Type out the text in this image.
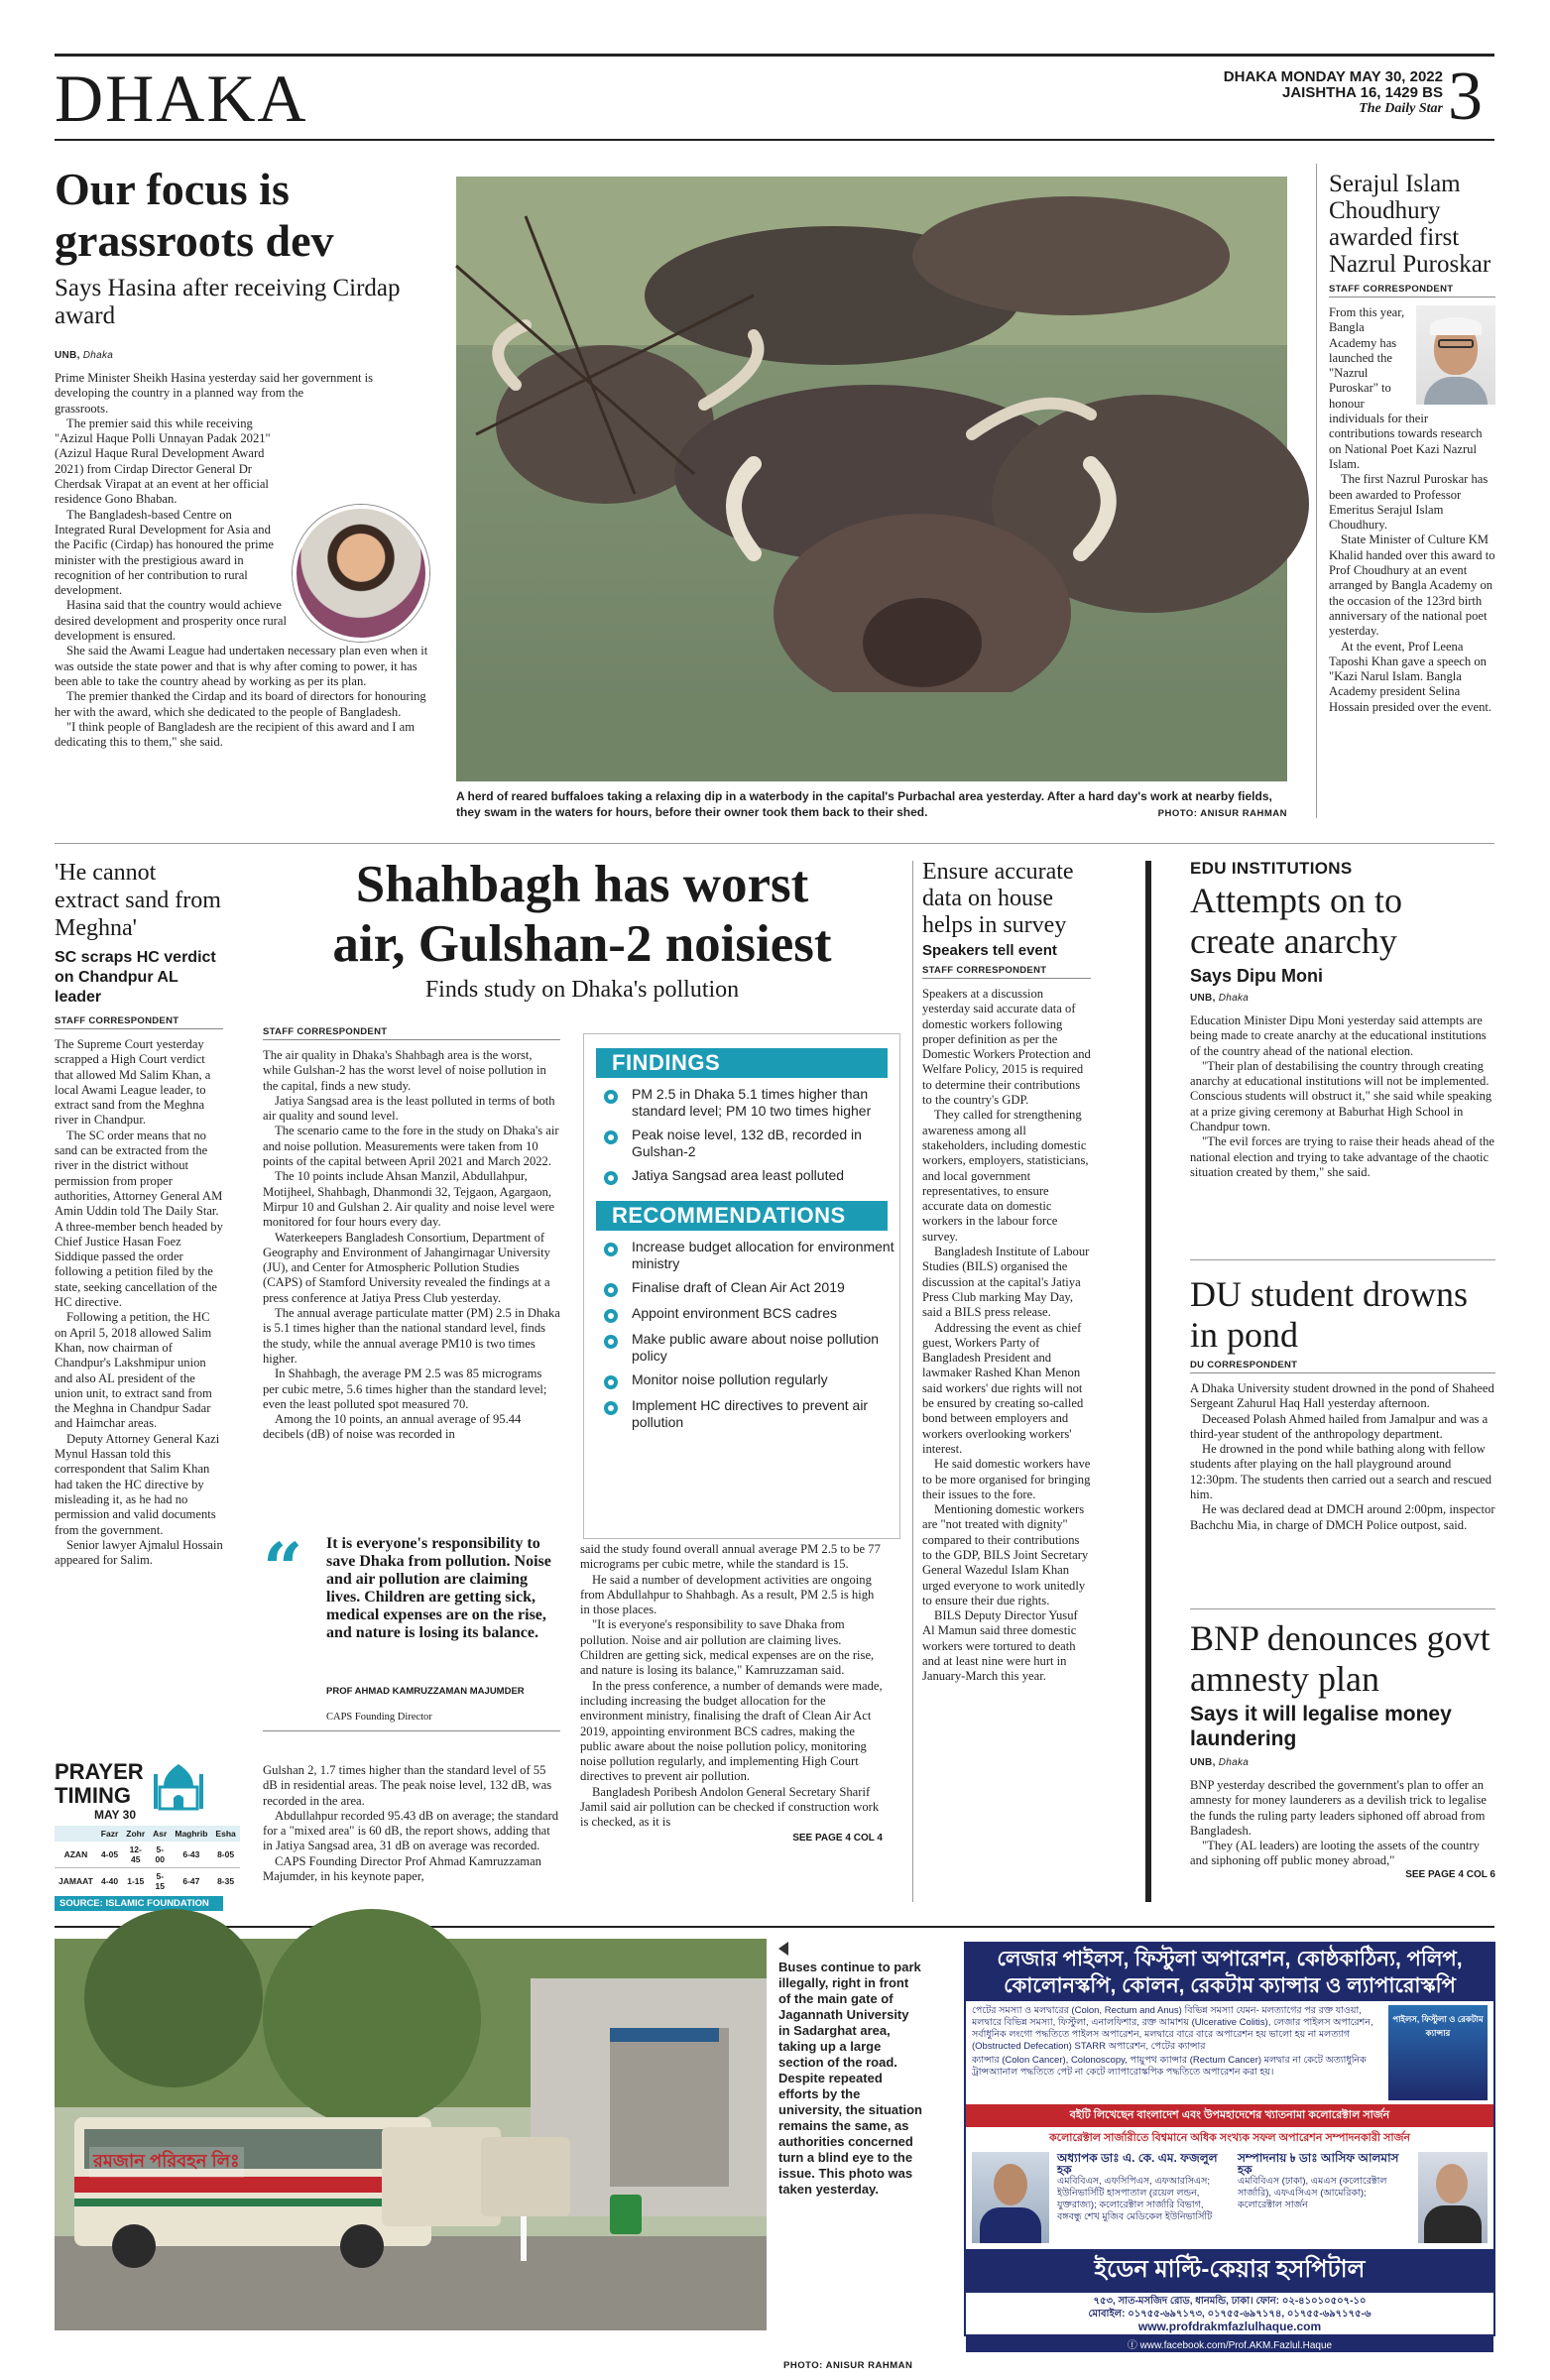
DHAKA	DHAKA MONDAY MAY 30, 2022
JAISHTHA 16, 1429 BS
The Daily Star 3
Our focus is grassroots dev
Says Hasina after receiving Cirdap award
UNB, Dhaka

Prime Minister Sheikh Hasina yesterday said her government is developing the country in a planned way from the grassroots.

The premier said this while receiving "Azizul Haque Polli Unnayan Padak 2021" (Azizul Haque Rural Development Award 2021) from Cirdap Director General Dr Cherdsak Virapat at an event at her official residence Gono Bhaban.

The Bangladesh-based Centre on Integrated Rural Development for Asia and the Pacific (Cirdap) has honoured the prime minister with the prestigious award in recognition of her contribution to rural development.

Hasina said that the country would achieve desired development and prosperity once rural development is ensured.

She said the Awami League had undertaken necessary plan even when it was outside the state power and that is why after coming to power, it has been able to take the country ahead by working as per its plan.

The premier thanked the Cirdap and its board of directors for honouring her with the award, which she dedicated to the people of Bangladesh.

"I think people of Bangladesh are the recipient of this award and I am dedicating this to them," she said.

A herd of reared buffaloes taking a relaxing dip in a waterbody in the capital's Purbachal area yesterday. After a hard day's work at nearby fields, they swam in the waters for hours, before their owner took them back to their shed.	PHOTO: ANISUR RAHMAN
Serajul Islam Choudhury awarded first Nazrul Puroskar
STAFF CORRESPONDENT

From this year, Bangla Academy has launched the "Nazrul Puroskar" to honour individuals for their contributions towards research on National Poet Kazi Nazrul Islam.

The first Nazrul Puroskar has been awarded to Professor Emeritus Serajul Islam Choudhury.

State Minister of Culture KM Khalid handed over this award to Prof Choudhury at an event arranged by Bangla Academy on the occasion of the 123rd birth anniversary of the national poet yesterday.

At the event, Prof Leena Taposhi Khan gave a speech on "Kazi Narul Islam. Bangla Academy president Selina Hossain presided over the event.

'He cannot extract sand from Meghna'
SC scraps HC verdict on Chandpur AL leader
STAFF CORRESPONDENT

The Supreme Court yesterday scrapped a High Court verdict that allowed Md Salim Khan, a local Awami League leader, to extract sand from the Meghna river in Chandpur.

The SC order means that no sand can be extracted from the river in the district without permission from proper authorities, Attorney General AM Amin Uddin told The Daily Star. A three-member bench headed by Chief Justice Hasan Foez Siddique passed the order following a petition filed by the state, seeking cancellation of the HC directive.

Following a petition, the HC on April 5, 2018 allowed Salim Khan, now chairman of Chandpur's Lakshmipur union and also AL president of the union unit, to extract sand from the Meghna in Chandpur Sadar and Haimchar areas.

Deputy Attorney General Kazi Mynul Hassan told this correspondent that Salim Khan had taken the HC directive by misleading it, as he had no permission and valid documents from the government.

Senior lawyer Ajmalul Hossain appeared for Salim.

PRAYER
TIMING
MAY 30
	Fazr	Zohr	Asr	Maghrib	Esha
AZAN	4-05	12-45	5-00	6-43	8-05
JAMAAT	4-40	1-15	5-15	6-47	8-35
SOURCE: ISLAMIC FOUNDATION
Shahbagh has worst
air, Gulshan-2 noisiest
Finds study on Dhaka's pollution
STAFF CORRESPONDENT

The air quality in Dhaka's Shahbagh area is the worst, while Gulshan-2 has the worst level of noise pollution in the capital, finds a new study.

Jatiya Sangsad area is the least polluted in terms of both air quality and sound level.

The scenario came to the fore in the study on Dhaka's air and noise pollution. Measurements were taken from 10 points of the capital between April 2021 and March 2022.

The 10 points include Ahsan Manzil, Abdullahpur, Motijheel, Shahbagh, Dhanmondi 32, Tejgaon, Agargaon, Mirpur 10 and Gulshan 2. Air quality and noise level were monitored for four hours every day.

Waterkeepers Bangladesh Consortium, Department of Geography and Environment of Jahangirnagar University (JU), and Center for Atmospheric Pollution Studies (CAPS) of Stamford University revealed the findings at a press conference at Jatiya Press Club yesterday.

The annual average particulate matter (PM) 2.5 in Dhaka is 5.1 times higher than the national standard level, finds the study, while the annual average PM10 is two times higher.

In Shahbagh, the average PM 2.5 was 85 micrograms per cubic metre, 5.6 times higher than the standard level; even the least polluted spot measured 70.

Among the 10 points, an annual average of 95.44 decibels (dB) of noise was recorded in

“ It is everyone's responsibility to save Dhaka from pollution. Noise and air pollution are claiming lives. Children are getting sick, medical expenses are on the rise, and nature is losing its balance.
PROF AHMAD KAMRUZZAMAN MAJUMDER
CAPS Founding Director

Gulshan 2, 1.7 times higher than the standard level of 55 dB in residential areas. The peak noise level, 132 dB, was recorded in the area.

Abdullahpur recorded 95.43 dB on average; the standard for a "mixed area" is 60 dB, the report shows, adding that in Jatiya Sangsad area, 31 dB on average was recorded.

CAPS Founding Director Prof Ahmad Kamruzzaman Majumder, in his keynote paper,

FINDINGS
PM 2.5 in Dhaka 5.1 times higher than standard level; PM 10 two times higher
Peak noise level, 132 dB, recorded in Gulshan-2
Jatiya Sangsad area least polluted
RECOMMENDATIONS
Increase budget allocation for environment ministry
Finalise draft of Clean Air Act 2019
Appoint environment BCS cadres
Make public aware about noise pollution policy
Monitor noise pollution regularly
Implement HC directives to prevent air pollution

said the study found overall annual average PM 2.5 to be 77 micrograms per cubic metre, while the standard is 15.

He said a number of development activities are ongoing from Abdullahpur to Shahbagh. As a result, PM 2.5 is high in those places.

"It is everyone's responsibility to save Dhaka from pollution. Noise and air pollution are claiming lives. Children are getting sick, medical expenses are on the rise, and nature is losing its balance," Kamruzzaman said.

In the press conference, a number of demands were made, including increasing the budget allocation for the environment ministry, finalising the draft of Clean Air Act 2019, appointing environment BCS cadres, making the public aware about the noise pollution policy, monitoring noise pollution regularly, and implementing High Court directives to prevent air pollution.

Bangladesh Poribesh Andolon General Secretary Sharif Jamil said air pollution can be checked if construction work is checked, as it is

SEE PAGE 4 COL 4
Ensure accurate data on house helps in survey
Speakers tell event
STAFF CORRESPONDENT

Speakers at a discussion yesterday said accurate data of domestic workers following proper definition as per the Domestic Workers Protection and Welfare Policy, 2015 is required to determine their contributions to the country's GDP.

They called for strengthening awareness among all stakeholders, including domestic workers, employers, statisticians, and local government representatives, to ensure accurate data on domestic workers in the labour force survey.

Bangladesh Institute of Labour Studies (BILS) organised the discussion at the capital's Jatiya Press Club marking May Day, said a BILS press release.

Addressing the event as chief guest, Workers Party of Bangladesh President and lawmaker Rashed Khan Menon said workers' due rights will not be ensured by creating so-called bond between employers and workers overlooking workers' interest.

He said domestic workers have to be more organised for bringing their issues to the fore.

Mentioning domestic workers are "not treated with dignity" compared to their contributions to the GDP, BILS Joint Secretary General Wazedul Islam Khan urged everyone to work unitedly to ensure their due rights.

BILS Deputy Director Yusuf Al Mamun said three domestic workers were tortured to death and at least nine were hurt in January-March this year.

EDU INSTITUTIONS
Attempts on to create anarchy
Says Dipu Moni
UNB, Dhaka

Education Minister Dipu Moni yesterday said attempts are being made to create anarchy at the educational institutions of the country ahead of the national election.

"Their plan of destabilising the country through creating anarchy at educational institutions will not be implemented. Conscious students will obstruct it," she said while speaking at a prize giving ceremony at Baburhat High School in Chandpur town.

"The evil forces are trying to raise their heads ahead of the national election and trying to take advantage of the chaotic situation created by them," she said.

DU student drowns in pond
DU CORRESPONDENT

A Dhaka University student drowned in the pond of Shaheed Sergeant Zahurul Haq Hall yesterday afternoon.

Deceased Polash Ahmed hailed from Jamalpur and was a third-year student of the anthropology department.

He drowned in the pond while bathing along with fellow students after playing on the hall playground around 12:30pm. The students then carried out a search and rescued him.

He was declared dead at DMCH around 2:00pm, inspector Bachchu Mia, in charge of DMCH Police outpost, said.

BNP denounces govt amnesty plan
Says it will legalise money laundering
UNB, Dhaka

BNP yesterday described the government's plan to offer an amnesty for money launderers as a devilish trick to legalise the funds the ruling party leaders siphoned off abroad from Bangladesh.

"They (AL leaders) are looting the assets of the country and siphoning off public money abroad,"

SEE PAGE 4 COL 6
রমজান পরিবহন লিঃ
Buses continue to park illegally, right in front of the main gate of Jagannath University in Sadarghat area, taking up a large section of the road. Despite repeated efforts by the university, the situation remains the same, as authorities concerned turn a blind eye to the issue. This photo was taken yesterday.
PHOTO: ANISUR RAHMAN
লেজার পাইলস, ফিস্টুলা অপারেশন, কোষ্ঠকাঠিন্য, পলিপ,
কোলোনস্কপি, কোলন, রেকটাম ক্যান্সার ও ল্যাপারোস্কপি
পেটের সমস্যা ও মলদ্বারের (Colon, Rectum and Anus) বিভিন্ন সমস্যা যেমন- মলত্যাগের পর রক্ত যাওয়া, মলদ্বারে বিভিন্ন সমস্যা, ফিস্টুলা, এনালফিশার, রক্ত আমাশয় (Ulcerative Colitis), লেজার পাইলস অপারেশন, সর্বাধুনিক লংগো পদ্ধতিতে পাইলস অপারেশন, মলদ্বারে বারে বারে অপারেশন হয় ভালো হয় না মলত্যাগ (Obstructed Defecation) STARR অপারেশন, পেটের ক্যান্সার
ক্যান্সার (Colon Cancer), Colonoscopy, পায়ুপথ ক্যান্সার (Rectum Cancer) মলদ্বার না কেটে অত্যাধুনিক ট্রান্সঅ্যানাল পদ্ধতিতে পেট না কেটে ল্যাপারোস্কপিক পদ্ধতিতে অপারেশন করা হয়।
পাইলস, ফিস্টুলা ও রেকটাম ক্যান্সার
বইটি লিখেছেন বাংলাদেশ এবং উপমহাদেশের খ্যাতনামা কলোরেক্টাল সার্জন
কলোরেক্টাল সার্জারীতে বিশ্বমানে অধিক সংখ্যক সফল অপারেশন সম্পাদনকারী সার্জন
অধ্যাপক ডাঃ এ. কে. এম. ফজলুল হক
এমবিবিএস, এফসিপিএস, এফআরসিএস; ইউনিভার্সিটি হাসপাতাল (রয়েল লন্ডন, যুক্তরাজ্য); কলোরেক্টাল সার্জারি বিভাগ, বঙ্গবন্ধু শেখ মুজিব মেডিকেল ইউনিভার্সিটি
সম্পাদনায় ৳ ডাঃ আসিফ আলমাস হক
এমবিবিএস (ঢাকা), এমএস (কলোরেক্টাল সার্জারি), এফএসিএস (আমেরিকা); কলোরেক্টাল সার্জন
ইডেন মাল্টি-কেয়ার হসপিটাল
৭৫৩, সাত-মসজিদ রোড, ধানমন্ডি, ঢাকা। ফোন: ০২-৪১০১০৫০৭-১০
মোবাইল: ০১৭৫৫-৬৯৭১৭৩, ০১৭৫৫-৬৯৭১৭৪, ০১৭৫৫-৬৯৭১৭৫-৬
www.profdrakmfazlulhaque.com
ⓕ www.facebook.com/Prof.AKM.Fazlul.Haque
